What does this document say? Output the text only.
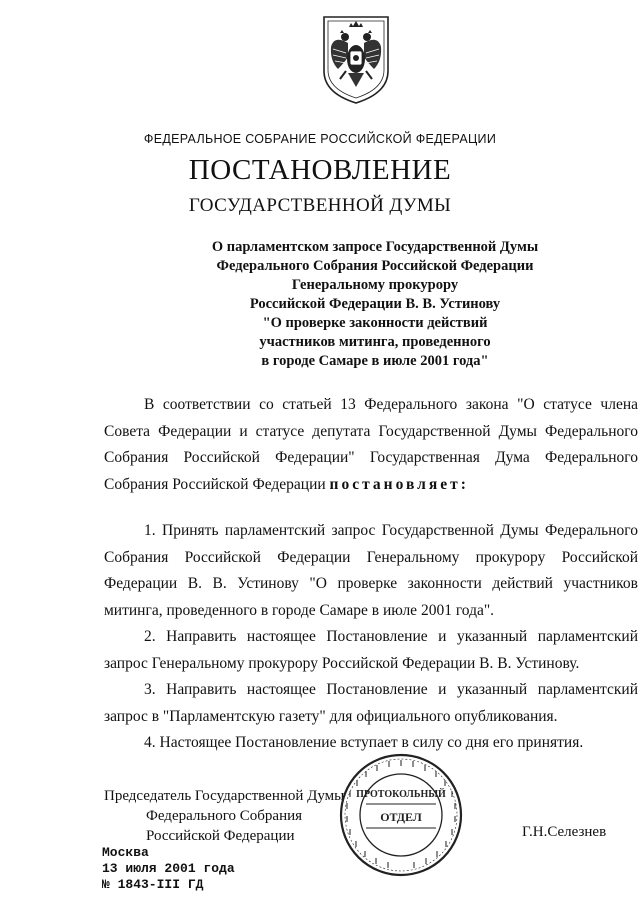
ФЕДЕРАЛЬНОЕ СОБРАНИЕ РОССИЙСКОЙ ФЕДЕРАЦИИ
ПОСТАНОВЛЕНИЕ
ГОСУДАРСТВЕННОЙ ДУМЫ
О парламентском запросе Государственной Думы
Федерального Собрания Российской Федерации
Генеральному прокурору
Российской Федерации В. В. Устинову
"О проверке законности действий
участников митинга, проведенного
в городе Самаре в июле 2001 года"
В соответствии со статьей 13 Федерального закона "О статусе члена Совета Федерации и статусе депутата Государственной Думы Федерального Собрания Российской Федерации" Государственная Дума Федерального Собрания Российской Федерации постановляет:
1. Принять парламентский запрос Государственной Думы Федерального Собрания Российской Федерации Генеральному прокурору Российской Федерации В. В. Устинову "О проверке законности действий участников митинга, проведенного в городе Самаре в июле 2001 года".
2. Направить настоящее Постановление и указанный парламентский запрос Генеральному прокурору Российской Федерации В. В. Устинову.
3. Направить настоящее Постановление и указанный парламентский запрос в "Парламентскую газету" для официального опубликования.
4. Настоящее Постановление вступает в силу со дня его принятия.
Председатель Государственной Думы
Федерального Собрания
Российской Федерации	Г.Н.Селезнев
Москва
13 июля 2001 года
№ 1843-III ГД
ПРОТОКОЛЬНЫЙ
ОТДЕЛ
